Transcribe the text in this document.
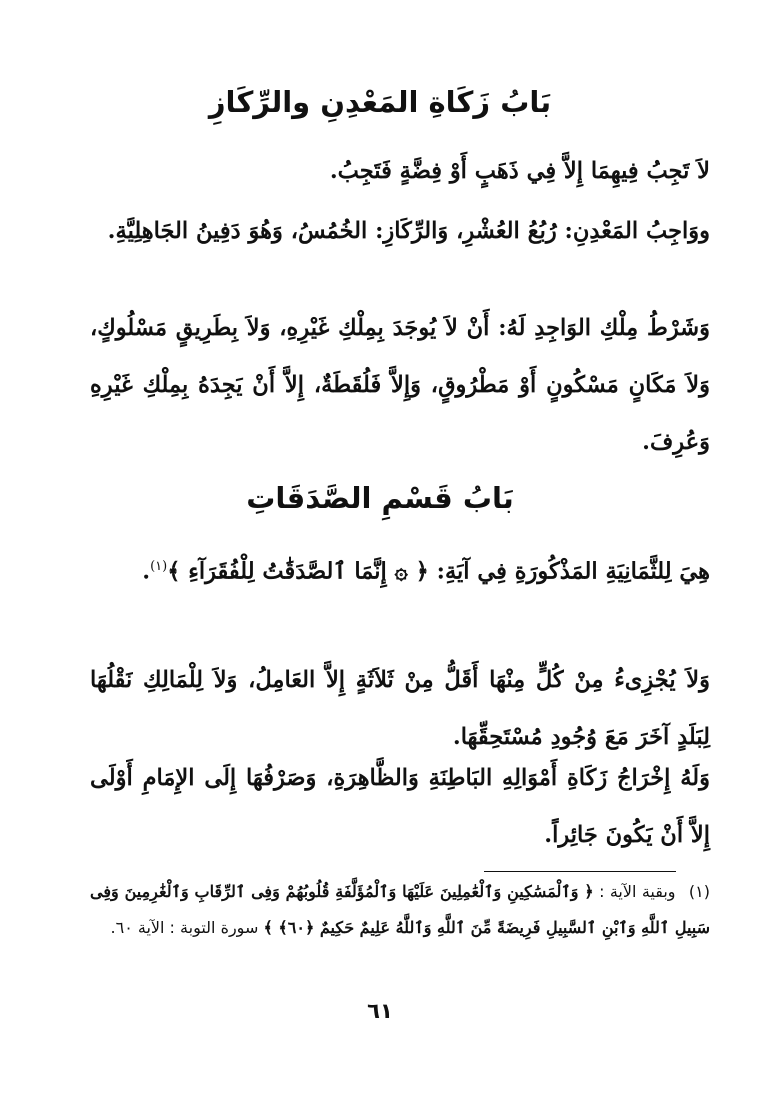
بَابُ زَكَاةِ المَعْدِنِ والرِّكَازِ
لاَ تَجِبُ فِيهِمَا إِلاَّ فِي ذَهَبٍ أَوْ فِضَّةٍ فَتَجِبُ.
ووَاجِبُ المَعْدِنِ: رُبُعُ العُشْرِ، وَالرِّكَازِ: الخُمُسُ، وَهُوَ دَفِينُ الجَاهِلِيَّةِ.
وَشَرْطُ مِلْكِ الوَاجِدِ لَهُ: أَنْ لاَ يُوجَدَ بِمِلْكِ غَيْرِهِ، وَلاَ بِطَرِيقٍ مَسْلُوكٍ، وَلاَ مَكَانٍ مَسْكُونٍ أَوْ مَطْرُوقٍ، وَإِلاَّ فَلُقَطَةٌ، إِلاَّ أَنْ يَجِدَهُ بِمِلْكِ غَيْرِهِ وَعُرِفَ.
بَابُ قَسْمِ الصَّدَقَاتِ
هِيَ لِلثَّمَانِيَةِ المَذْكُورَةِ فِي آيَةِ: ﴿ ۞ إِنَّمَا ٱلصَّدَقَٰتُ لِلْفُقَرَآءِ ﴾$^{(١)}$.
وَلاَ يُجْزِىءُ مِنْ كُلٍّ مِنْهَا أَقَلُّ مِنْ ثَلاَثَةٍ إِلاَّ العَامِلُ، وَلاَ لِلْمَالِكِ نَقْلُهَا لِبَلَدٍ آخَرَ مَعَ وُجُودِ مُسْتَحِقِّهَا.
وَلَهُ إِخْرَاجُ زَكَاةِ أَمْوَالِهِ البَاطِنَةِ وَالظَّاهِرَةِ، وَصَرْفُهَا إِلَى الإِمَامِ أَوْلَى إِلاَّ أَنْ يَكُونَ جَائِراً.
(١) وبقية الآية : ﴿ وَٱلْمَسَٰكِينِ وَٱلْعَٰمِلِينَ عَلَيْهَا وَٱلْمُؤَلَّفَةِ قُلُوبُهُمْ وَفِى ٱلرِّقَابِ وَٱلْغَٰرِمِينَ وَفِى سَبِيلِ ٱللَّهِ وَٱبْنِ ٱلسَّبِيلِ فَرِيضَةً مِّنَ ٱللَّهِ وَٱللَّهُ عَلِيمٌ حَكِيمٌ ﴿٦٠﴾ ﴾ سورة التوبة : الآية ٦٠.
٦١
